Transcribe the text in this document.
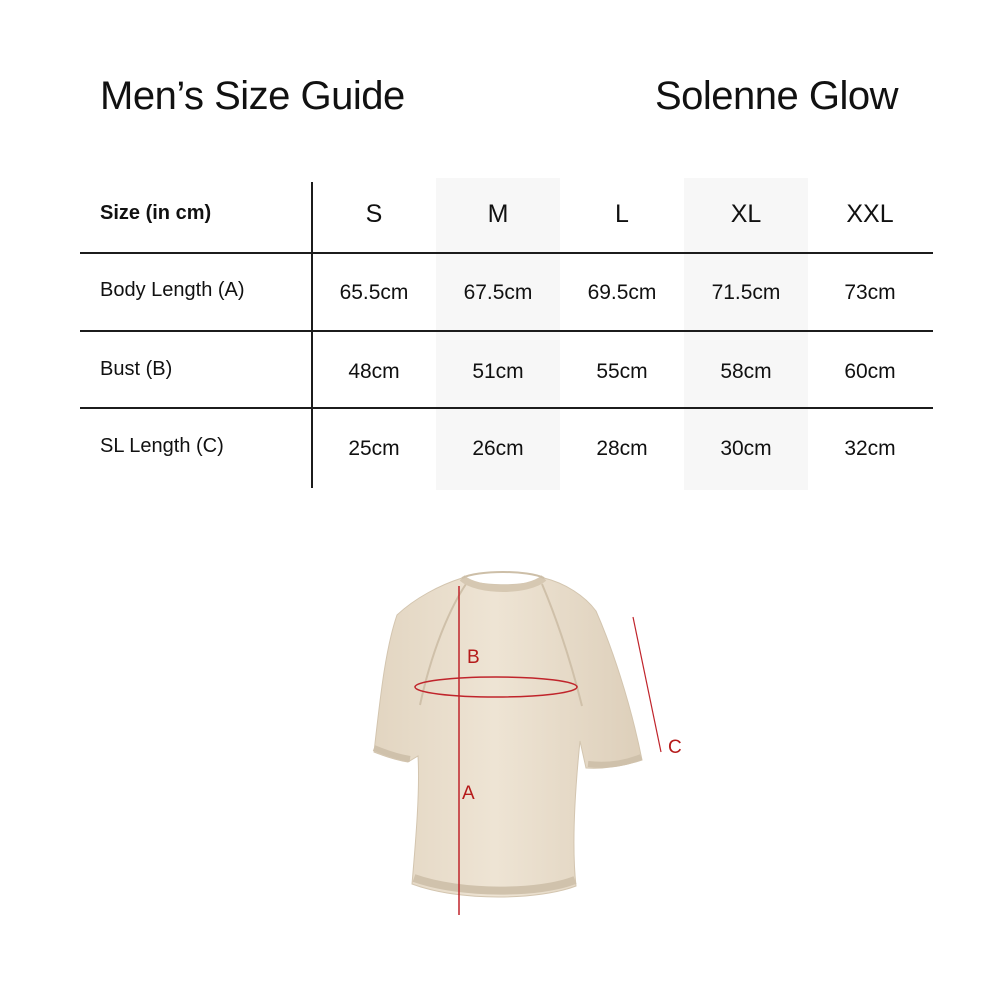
Men’s Size Guide	Solenne Glow
Size (in cm)	S	M	L	XL	XXL
Body Length (A)	65.5cm	67.5cm	69.5cm	71.5cm	73cm
Bust (B)	48cm	51cm	55cm	58cm	60cm
SL Length (C)	25cm	26cm	28cm	30cm	32cm
B
A
C
